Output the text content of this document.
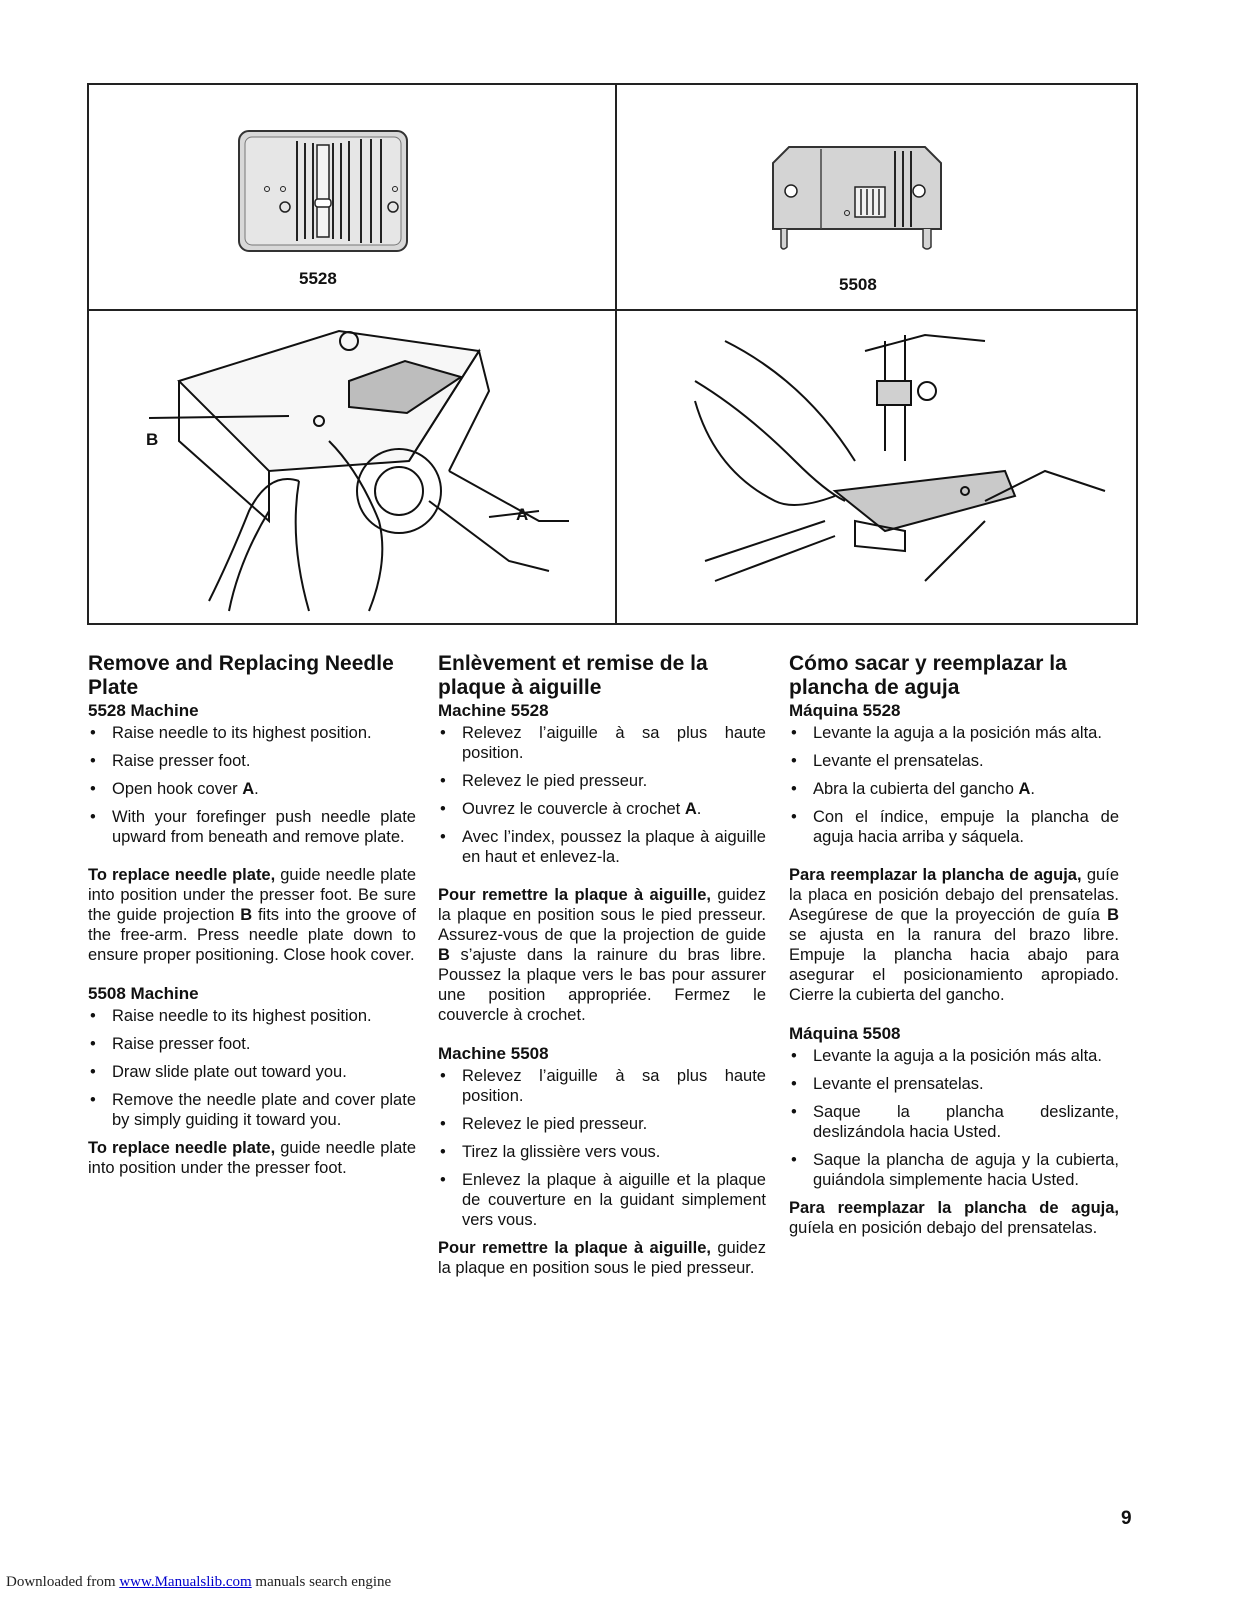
5528	5508
B
A
Remove and Replacing Needle Plate
5528 Machine
• Raise needle to its highest position.
• Raise presser foot.
• Open hook cover A.
• With your forefinger push needle plate upward from beneath and remove plate.

To replace needle plate, guide needle plate into position under the presser foot. Be sure the guide projection B fits into the groove of the free-arm. Press needle plate down to ensure proper positioning. Close hook cover.

5508 Machine
• Raise needle to its highest position.
• Raise presser foot.
• Draw slide plate out toward you.
• Remove the needle plate and cover plate by simply guiding it toward you.

To replace needle plate, guide needle plate into position under the presser foot.

Enlèvement et remise de la plaque à aiguille
Machine 5528
• Relevez l’aiguille à sa plus haute position.
• Relevez le pied presseur.
• Ouvrez le couvercle à crochet A.
• Avec l’index, poussez la plaque à aiguille en haut et enlevez-la.

Pour remettre la plaque à aiguille, guidez la plaque en position sous le pied presseur. Assurez-vous de que la projection de guide B s’ajuste dans la rainure du bras libre. Poussez la plaque vers le bas pour assurer une position appropriée. Fermez le couvercle à crochet.

Machine 5508
• Relevez l’aiguille à sa plus haute position.
• Relevez le pied presseur.
• Tirez la glissière vers vous.
• Enlevez la plaque à aiguille et la plaque de couverture en la guidant simplement vers vous.

Pour remettre la plaque à aiguille, guidez la plaque en position sous le pied presseur.

Cómo sacar y reemplazar la plancha de aguja
Máquina 5528
• Levante la aguja a la posición más alta.
• Levante el prensatelas.
• Abra la cubierta del gancho A.
• Con el índice, empuje la plancha de aguja hacia arriba y sáquela.

Para reemplazar la plancha de aguja, guíe la placa en posición debajo del prensatelas. Asegúrese de que la proyección de guía B se ajusta en la ranura del brazo libre. Empuje la plancha hacia abajo para asegurar el posicionamiento apropiado. Cierre la cubierta del gancho.

Máquina 5508
• Levante la aguja a la posición más alta.
• Levante el prensatelas.
• Saque la plancha deslizante, deslizándola hacia Usted.
• Saque la plancha de aguja y la cubierta, guiándola simplemente hacia Usted.

Para reemplazar la plancha de aguja, guíela en posición debajo del prensatelas.

9
Downloaded from www.Manualslib.com manuals search engine
